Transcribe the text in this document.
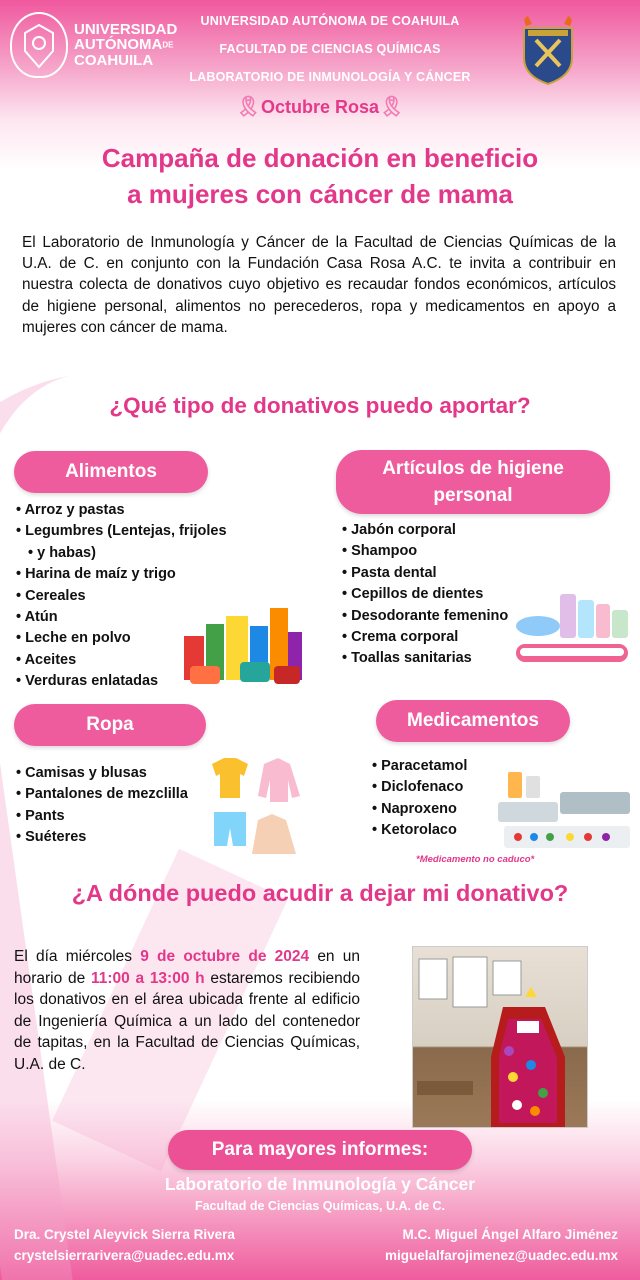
UNIVERSIDAD
AUTÓNOMADE
COAHUILA
UNIVERSIDAD AUTÓNOMA DE COAHUILA
FACULTAD DE CIENCIAS QUÍMICAS
LABORATORIO DE INMUNOLOGÍA Y CÁNCER
🎗Octubre Rosa🎗
Campaña de donación en beneficio
a mujeres con cáncer de mama
El Laboratorio de Inmunología y Cáncer de la Facultad de Ciencias Químicas de la U.A. de C. en conjunto con la Fundación Casa Rosa A.C. te invita a contribuir en nuestra colecta de donativos cuyo objetivo es recaudar fondos económicos, artículos de higiene personal, alimentos no perecederos, ropa y medicamentos en apoyo a mujeres con cáncer de mama.
¿Qué tipo de donativos puedo aportar?
Alimentos
• Arroz y pastas
• Legumbres (Lentejas, frijoles
• y habas)
• Harina de maíz y trigo
• Cereales
• Atún
• Leche en polvo
• Aceites
• Verduras enlatadas
Artículos de higiene
personal
• Jabón corporal
• Shampoo
• Pasta dental
• Cepillos de dientes
• Desodorante femenino
• Crema corporal
• Toallas sanitarias
Ropa
• Camisas y blusas
• Pantalones de mezclilla
• Pants
• Suéteres
Medicamentos
• Paracetamol
• Diclofenaco
• Naproxeno
• Ketorolaco
*Medicamento no caduco*
¿A dónde puedo acudir a dejar mi donativo?
El día miércoles 9 de octubre de 2024 en un horario de 11:00 a 13:00 h estaremos recibiendo los donativos en el área ubicada frente al edificio de Ingeniería Química a un lado del contenedor de tapitas, en la Facultad de Ciencias Químicas, U.A. de C.
Para mayores informes:
Laboratorio de Inmunología y Cáncer
Facultad de Ciencias Químicas, U.A. de C.
Dra. Crystel Aleyvick Sierra Rivera
crystelsierrarivera@uadec.edu.mx
M.C. Miguel Ángel Alfaro Jiménez
miguelalfarojimenez@uadec.edu.mx
